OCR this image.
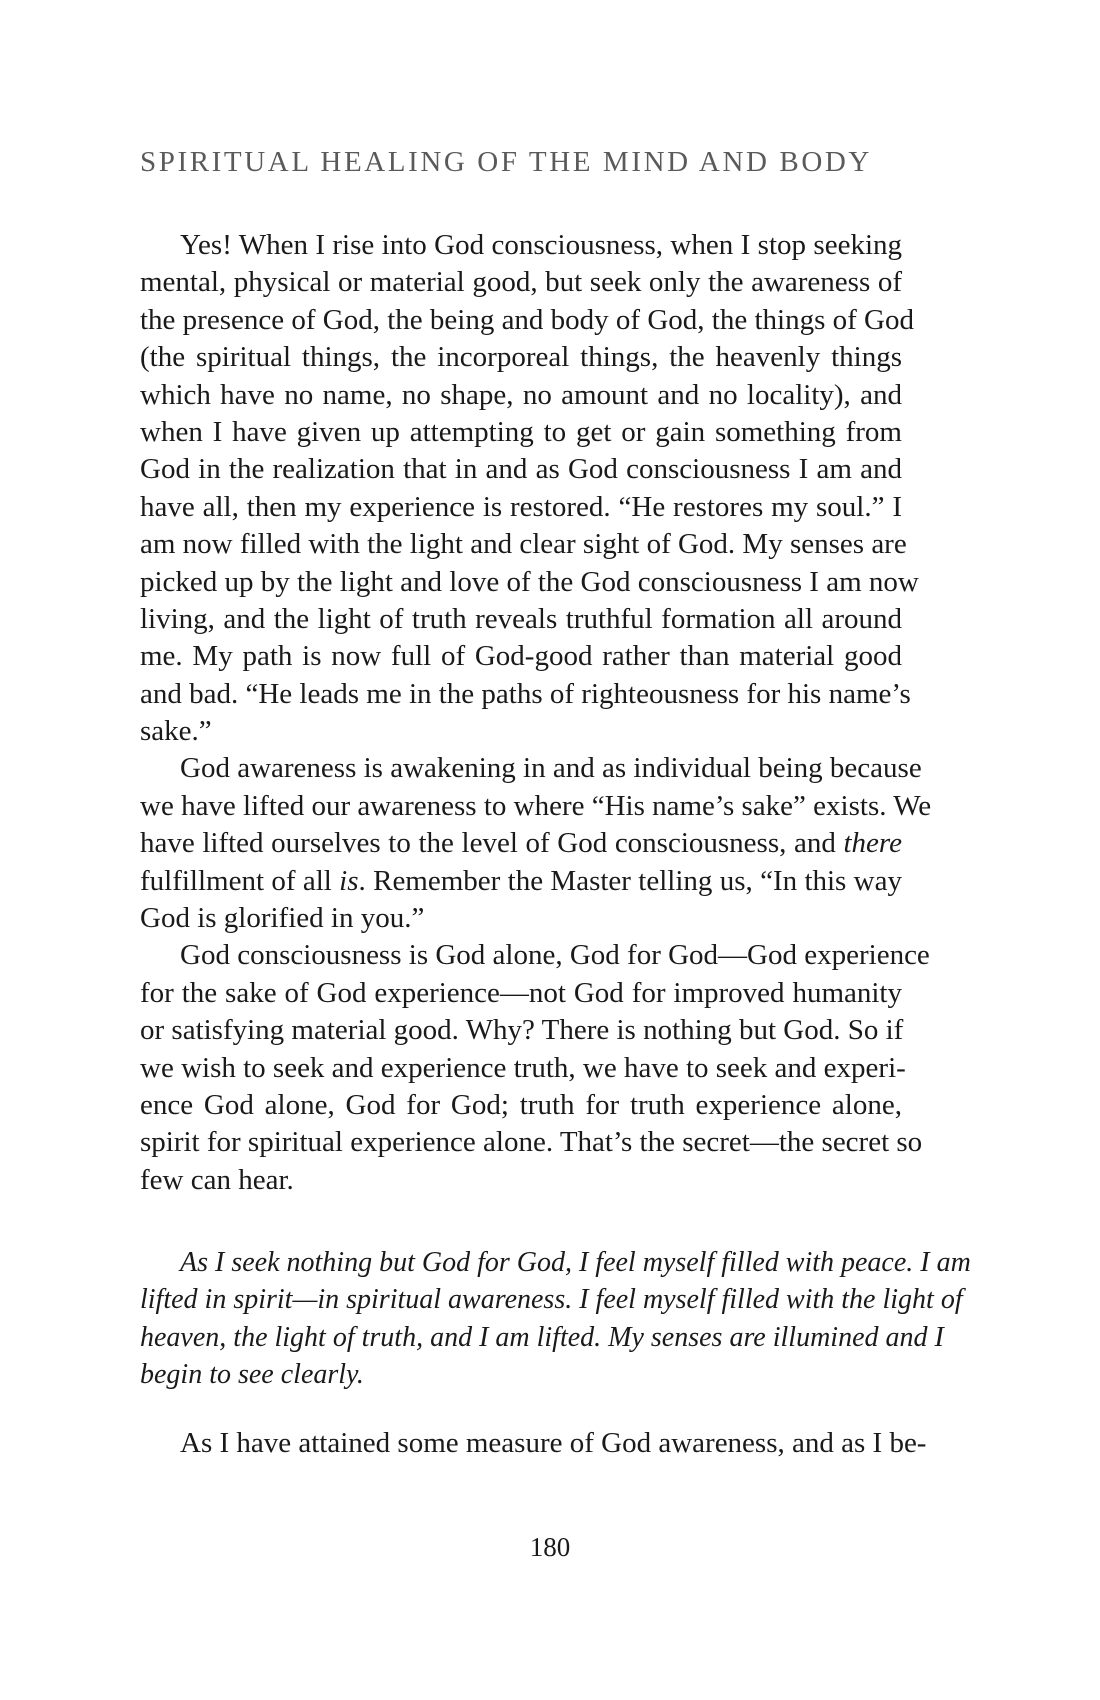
SPIRITUAL HEALING OF THE MIND AND BODY
Yes! When I rise into God consciousness, when I stop seeking
mental, physical or material good, but seek only the awareness of
the presence of God, the being and body of God, the things of God
(the spiritual things, the incorporeal things, the heavenly things
which have no name, no shape, no amount and no locality), and
when I have given up attempting to get or gain something from
God in the realization that in and as God consciousness I am and
have all, then my experience is restored. “He restores my soul.” I
am now filled with the light and clear sight of God. My senses are
picked up by the light and love of the God consciousness I am now
living, and the light of truth reveals truthful formation all around
me. My path is now full of God-good rather than material good
and bad. “He leads me in the paths of righteousness for his name’s
sake.”
God awareness is awakening in and as individual being because
we have lifted our awareness to where “His name’s sake” exists. We
have lifted ourselves to the level of God consciousness, and there
fulfillment of all is. Remember the Master telling us, “In this way
God is glorified in you.”
God consciousness is God alone, God for God—God experience
for the sake of God experience—not God for improved humanity
or satisfying material good. Why? There is nothing but God. So if
we wish to seek and experience truth, we have to seek and experi-
ence God alone, God for God; truth for truth experience alone,
spirit for spiritual experience alone. That’s the secret—the secret so
few can hear.
As I seek nothing but God for God, I feel myself filled with peace. I am
lifted in spirit—in spiritual awareness. I feel myself filled with the light of
heaven, the light of truth, and I am lifted. My senses are illumined and I
begin to see clearly.
As I have attained some measure of God awareness, and as I be-
180
